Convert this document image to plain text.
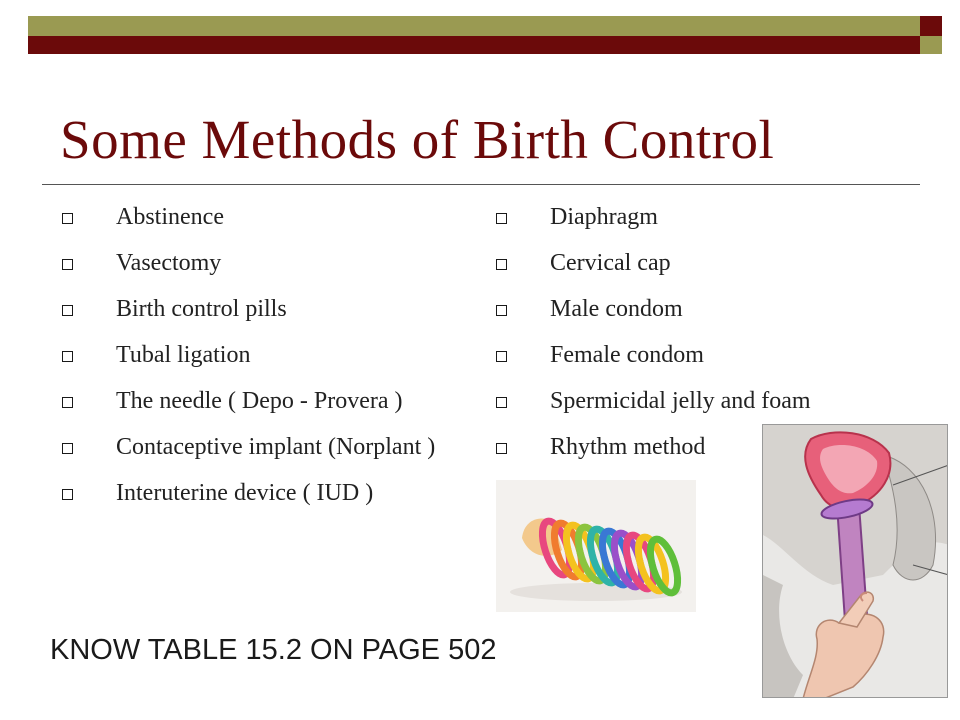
Some Methods of Birth Control
Abstinence
Vasectomy
Birth control pills
Tubal ligation
The needle ( Depo - Provera )
Contaceptive implant (Norplant )
Interuterine device ( IUD )
Diaphragm
Cervical cap
Male condom
Female condom
Spermicidal jelly and foam
Rhythm method
KNOW TABLE 15.2 ON PAGE 502
